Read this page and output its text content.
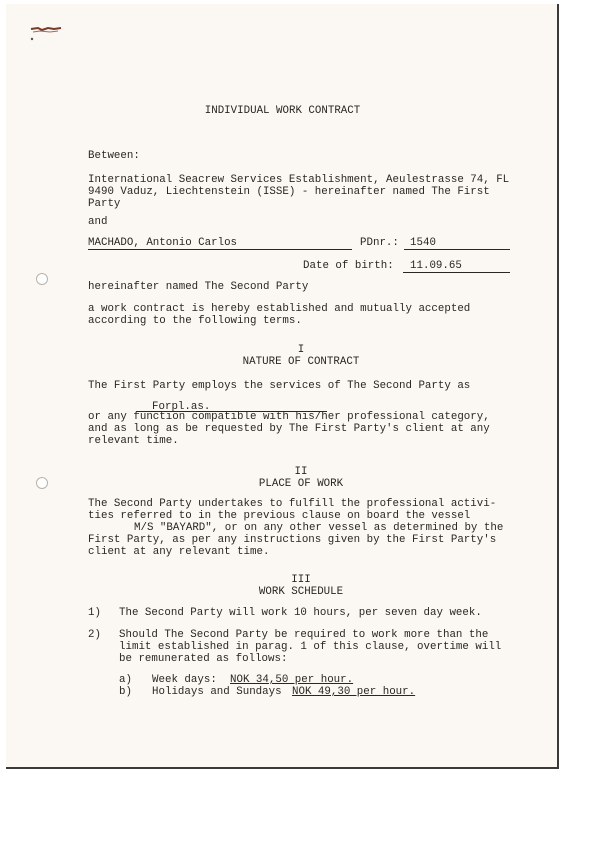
INDIVIDUAL WORK CONTRACT

Between:

International Seacrew Services Establishment, Aeulestrasse 74, FL

9490 Vaduz, Liechtenstein (ISSE) - hereinafter named The First

Party

and

MACHADO, Antonio Carlos	PDnr.: 1540

Date of birth: 11.09.65

hereinafter named The Second Party

a work contract is hereby established and mutually accepted

according to the following terms.

I

NATURE OF CONTRACT

The First Party employs the services of The Second Party as

Forpl.as.

or any function compatible with his/her professional category,

and as long as be requested by The First Party's client at any

relevant time.

II

PLACE OF WORK

The Second Party undertakes to fulfill the professional activi-

ties referred to in the previous clause on board the vessel

M/S "BAYARD", or on any other vessel as determined by the

First Party, as per any instructions given by the First Party's

client at any relevant time.

III

WORK SCHEDULE

1) The Second Party will work 10 hours, per seven day week.

2) Should The Second Party be required to work more than the

limit established in parag. 1 of this clause, overtime will

be remunerated as follows:

a) Week days: NOK 34,50 per hour.

b) Holidays and Sundays NOK 49,30 per hour.
